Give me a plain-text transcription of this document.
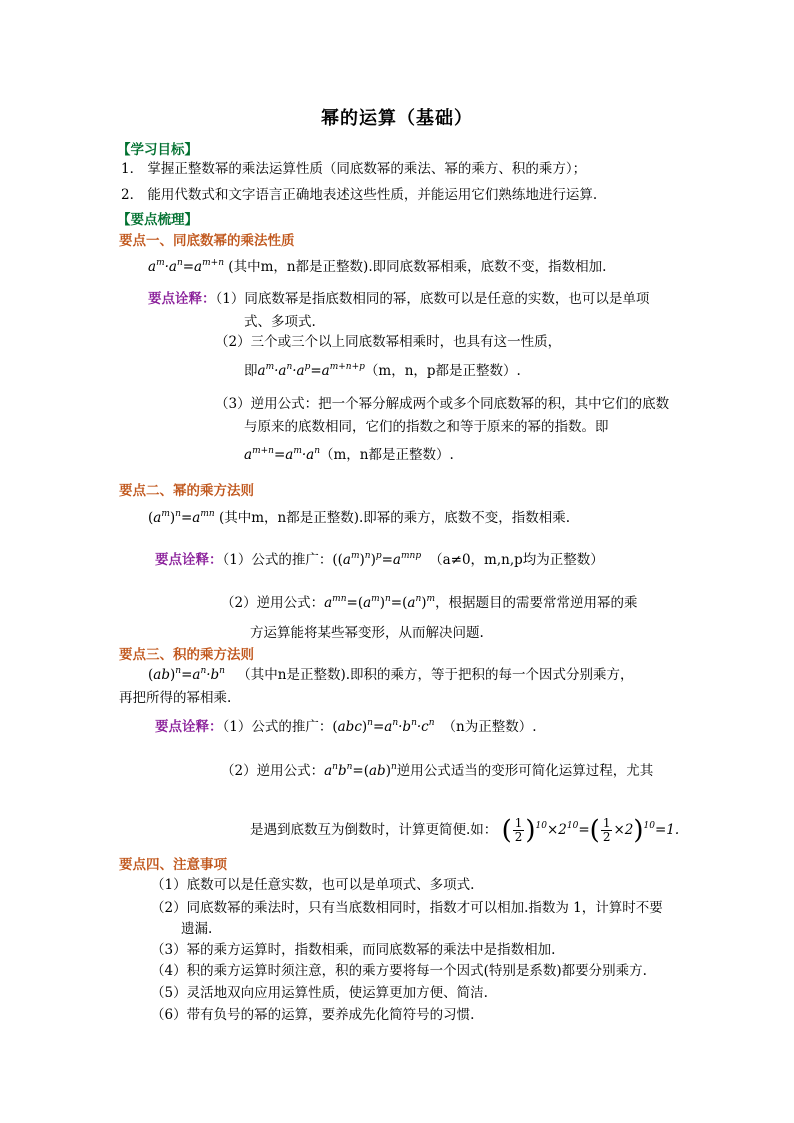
幂的运算（基础）
【学习目标】
1． 掌握正整数幂的乘法运算性质（同底数幂的乘法、幂的乘方、积的乘方）；
2． 能用代数式和文字语言正确地表述这些性质，并能运用它们熟练地进行运算.
【要点梳理】
要点一、同底数幂的乘法性质
$a^m\cdot a^n=a^{m+n}$ (其中m，n都是正整数).即同底数幂相乘，底数不变，指数相加.
要点诠释：（1）同底数幂是指底数相同的幂，底数可以是任意的实数，也可以是单项
式、多项式.
（2）三个或三个以上同底数幂相乘时，也具有这一性质，
即$a^m\cdot a^n\cdot a^p=a^{m+n+p}(m$，n，p都是正整数）.
（3）逆用公式：把一个幂分解成两个或多个同底数幂的积，其中它们的底数
与原来的底数相同，它们的指数之和等于原来的幂的指数。即
$a^{m+n}=a^m\cdot a^n(m$，n都是正整数）.
要点二、幂的乘方法则
$(a^m)^n=a^{mn}$ (其中m，n都是正整数).即幂的乘方，底数不变，指数相乘.
要点诠释：（1）公式的推广：$((a^m)^n)^p=a^{mnp}$ （a≠0，m,n,p均为正整数）
（2）逆用公式：$a^{mn}=(a^m)^n=(a^n)^m$，根据题目的需要常常逆用幂的乘
方运算能将某些幂变形，从而解决问题.
要点三、积的乘方法则
$(ab)^n=a^n\cdot b^n$ （其中n是正整数).即积的乘方，等于把积的每一个因式分别乘方，
再把所得的幂相乘.
要点诠释：（1）公式的推广：$(abc)^n=a^n\cdot b^n\cdot c^n$ （n为正整数）.
（2）逆用公式：$a^nb^n=(ab)^n$逆用公式适当的变形可简化运算过程，尤其
是遇到底数互为倒数时，计算更简便.如： ( $\frac{1}{2} )^{10}\times 2^{10}=( \frac{1}{2} \times 2)^{10}=1$.
要点四、注意事项
（1）底数可以是任意实数，也可以是单项式、多项式.
（2）同底数幂的乘法时，只有当底数相同时，指数才可以相加.指数为 1，计算时不要
遗漏.
（3）幂的乘方运算时，指数相乘，而同底数幂的乘法中是指数相加.
（4）积的乘方运算时须注意，积的乘方要将每一个因式(特别是系数)都要分别乘方.
（5）灵活地双向应用运算性质，使运算更加方便、简洁.
（6）带有负号的幂的运算，要养成先化简符号的习惯.
